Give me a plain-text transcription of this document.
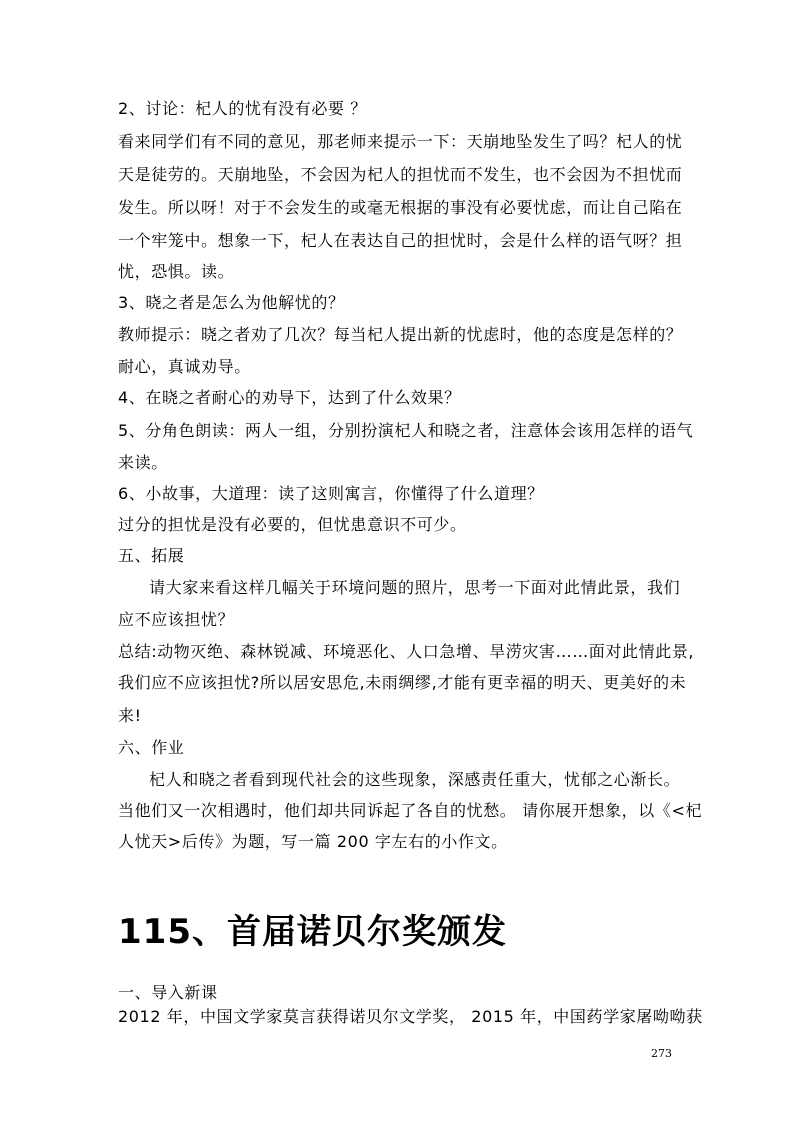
2、讨论：杞人的忧有没有必要 ？
看来同学们有不同的意见，那老师来提示一下：天崩地坠发生了吗？杞人的忧
天是徒劳的。天崩地坠，不会因为杞人的担忧而不发生，也不会因为不担忧而
发生。所以呀！对于不会发生的或毫无根据的事没有必要忧虑，而让自己陷在
一个牢笼中。想象一下，杞人在表达自己的担忧时，会是什么样的语气呀？担
忧，恐惧。读。
3、晓之者是怎么为他解忧的？
教师提示：晓之者劝了几次？每当杞人提出新的忧虑时，他的态度是怎样的？
耐心，真诚劝导。
4、在晓之者耐心的劝导下，达到了什么效果？
5、分角色朗读：两人一组，分别扮演杞人和晓之者，注意体会该用怎样的语气
来读。
6、小故事，大道理：读了这则寓言，你懂得了什么道理？
过分的担忧是没有必要的，但忧患意识不可少。
五、拓展
请大家来看这样几幅关于环境问题的照片，思考一下面对此情此景，我们
应不应该担忧？
总结:动物灭绝、森林锐减、环境恶化、人口急增、旱涝灾害……面对此情此景,
我们应不应该担忧?所以居安思危,未雨绸缪,才能有更幸福的明天、更美好的未
来!
六、作业
杞人和晓之者看到现代社会的这些现象，深感责任重大，忧郁之心渐长。
当他们又一次相遇时，他们却共同诉起了各自的忧愁。 请你展开想象，以《<杞
人忧天>后传》为题，写一篇 200 字左右的小作文。
115、首届诺贝尔奖颁发
一、导入新课
2012 年，中国文学家莫言获得诺贝尔文学奖， 2015 年，中国药学家屠呦呦获
273
